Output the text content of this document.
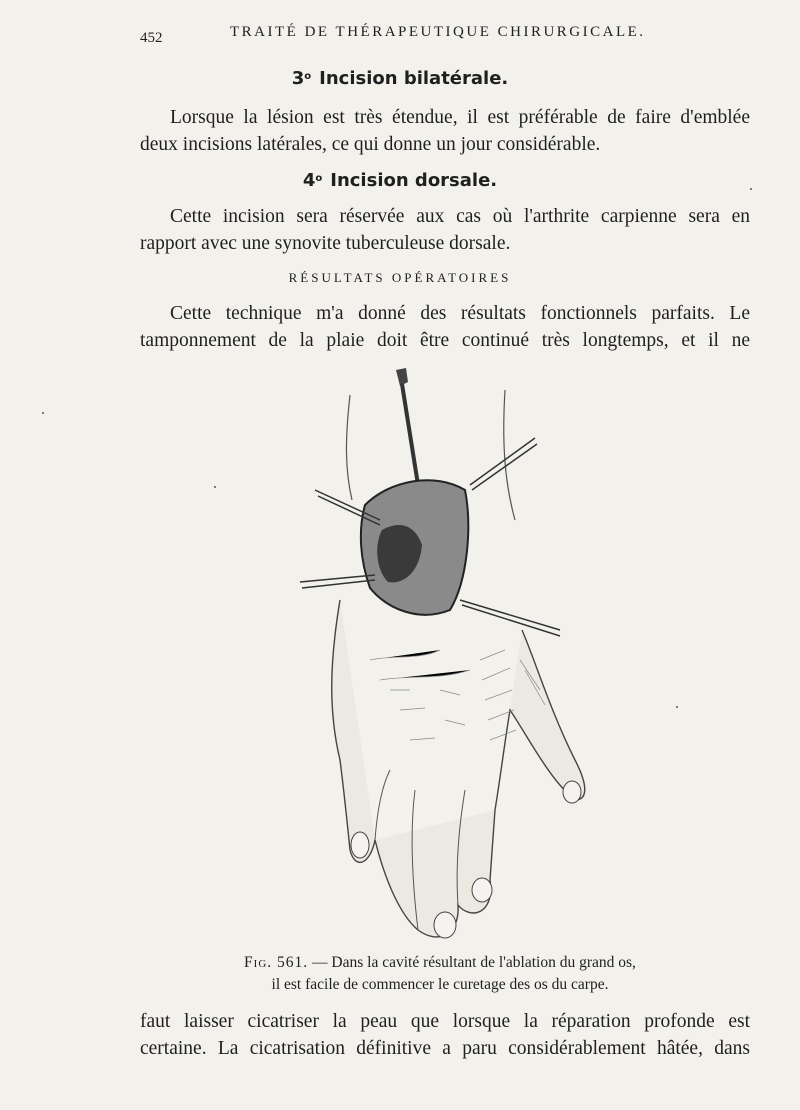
452	TRAITÉ DE THÉRAPEUTIQUE CHIRURGICALE.
3$^o$ Incision bilatérale.
Lorsque la lésion est très étendue, il est préférable de faire d'emblée
deux incisions latérales, ce qui donne un jour considérable.
4$^o$ Incision dorsale.
Cette incision sera réservée aux cas où l'arthrite carpienne sera en
rapport avec une synovite tuberculeuse dorsale.
RÉSULTATS OPÉRATOIRES
Cette technique m'a donné des résultats fonctionnels parfaits. Le
tamponnement de la plaie doit être continué très longtemps, et il ne
Fig. 561. — Dans la cavité résultant de l'ablation du grand os,
il est facile de commencer le curetage des os du carpe.
faut laisser cicatriser la peau que lorsque la réparation profonde est
certaine. La cicatrisation définitive a paru considérablement hâtée, dans
